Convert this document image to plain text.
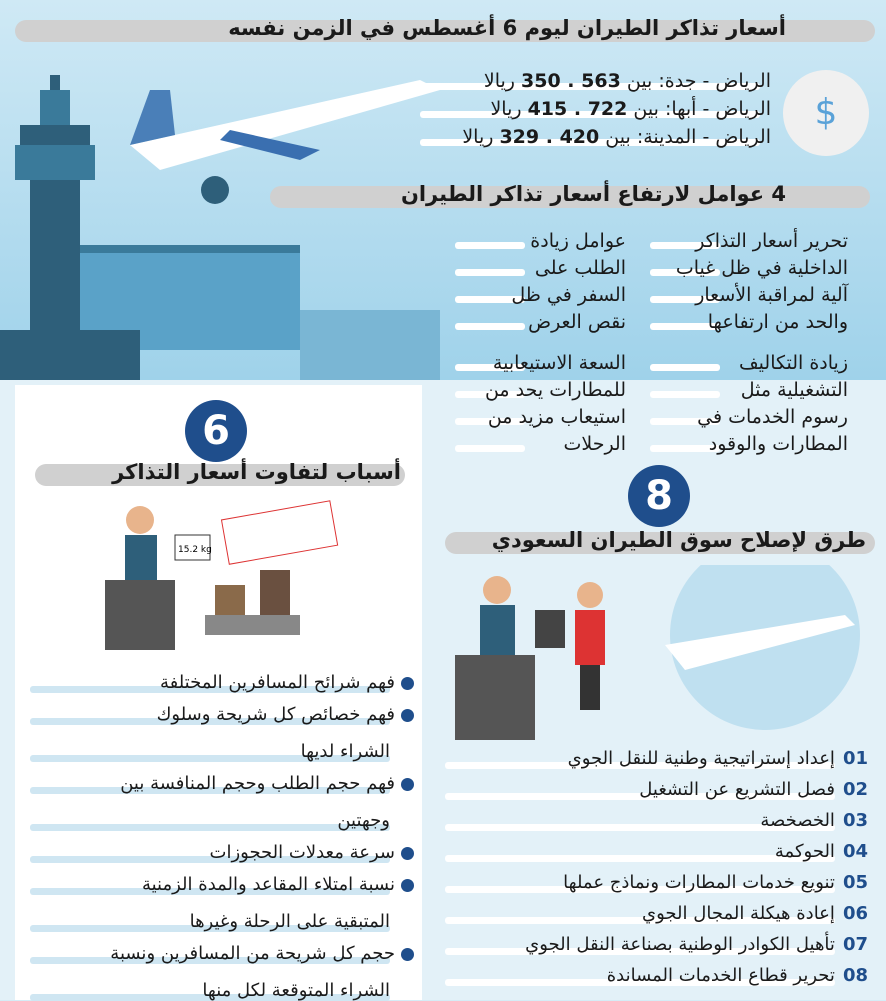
أسعار تذاكر الطيران ليوم 6 أغسطس في الزمن نفسه
$
الرياض - جدة: بين 563 . 350 ريالا
الرياض - أبها: بين 722 . 415 ريالا
الرياض - المدينة: بين 420 . 329 ريالا
4 عوامل لارتفاع أسعار تذاكر الطيران
تحرير أسعار التذاكر
الداخلية في ظل غياب
آلية لمراقبة الأسعار
والحد من ارتفاعها
عوامل زيادة
الطلب على
السفر في ظل
نقص العرض
زيادة التكاليف
التشغيلية مثل
رسوم الخدمات في
المطارات والوقود
السعة الاستيعابية
للمطارات يحد من
استيعاب مزيد من
الرحلات
6
أسباب لتفاوت أسعار التذاكر
15.2 kg
فهم شرائح المسافرين المختلفة
فهم خصائص كل شريحة وسلوك
الشراء لديها
فهم حجم الطلب وحجم المنافسة بين
وجهتين
سرعة معدلات الحجوزات
نسبة امتلاء المقاعد والمدة الزمنية
المتبقية على الرحلة وغيرها
حجم كل شريحة من المسافرين ونسبة
الشراء المتوقعة لكل منها
8
طرق لإصلاح سوق الطيران السعودي
01إعداد إستراتيجية وطنية للنقل الجوي
02فصل التشريع عن التشغيل
03الخصخصة
04الحوكمة
05تنويع خدمات المطارات ونماذج عملها
06إعادة هيكلة المجال الجوي
07تأهيل الكوادر الوطنية بصناعة النقل الجوي
08تحرير قطاع الخدمات المساندة
